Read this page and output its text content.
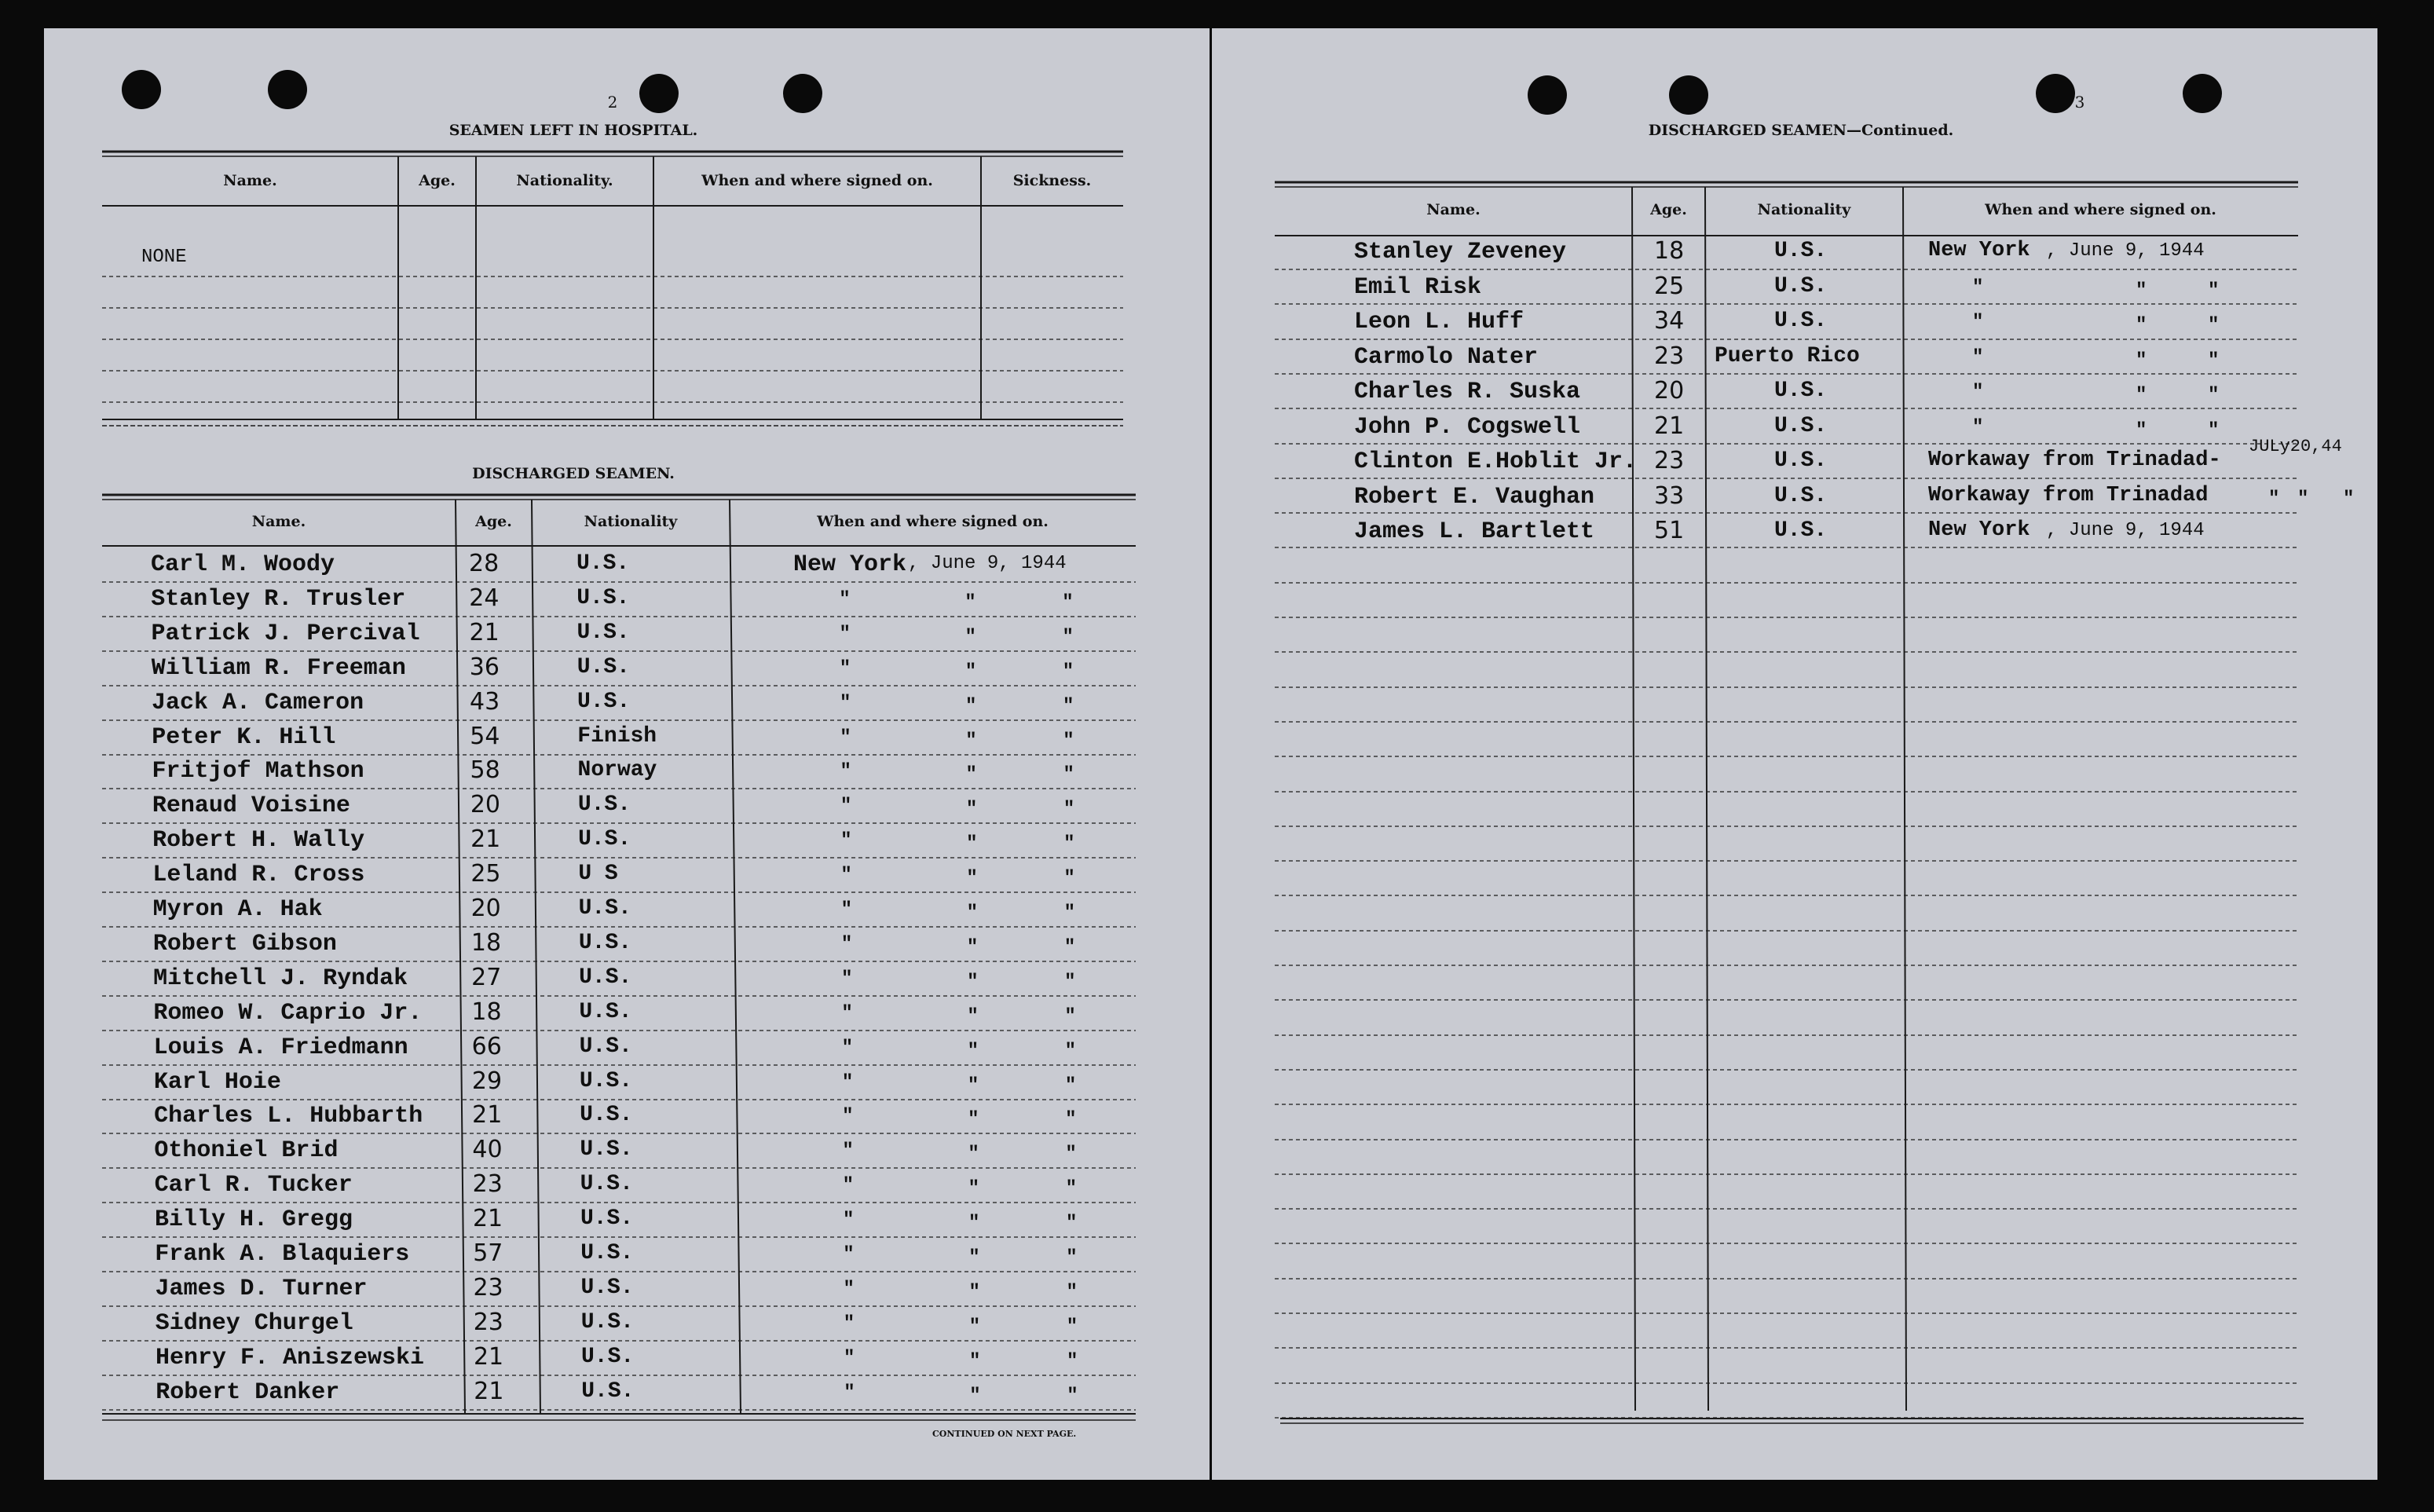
2
SEAMEN LEFT IN HOSPITAL.
Name.	Age.	Nationality.	When and where signed on.	Sickness.
NONE
DISCHARGED SEAMEN.
Name.	Age.	Nationality	When and where signed on.
Carl M. Woody	28	U.S.	New York , June 9, 1944
Stanley R. Trusler	24	U.S.	"	"	"
Patrick J. Percival 21	U.S.	"	"	"
William R. Freeman	36	U.S.	"	"	"
Jack A. Cameron	43	U.S.	"	"	"
Peter K. Hill	54	Finish	"	"	"
Fritjof Mathson	58	Norway	"	"	"
Renaud Voisine	20	U.S.	"	"	"
Robert H. Wally	21	U.S.	"	"	"
Leland R. Cross	25	U S	"	"	"
Myron A. Hak	20	U.S.	"	"	"
Robert Gibson	18	U.S.	"	"	"
Mitchell J. Ryndak	27	U.S.	"	"	"
Romeo W. Caprio Jr. 18	U.S.	"	"	"
Louis A. Friedmann	66	U.S.	"	"	"
Karl Hoie	29	U.S.	"	"	"
Charles L. Hubbarth 21	U.S.	"	"	"
Othoniel Brid	40	U.S.	"	"	"
Carl R. Tucker	23	U.S.	"	"	"
Billy H. Gregg	21	U.S.	"	"	"
Frank A. Blaquiers	57	U.S.	"	"	"
James D. Turner	23	U.S.	"	"	"
Sidney Churgel	23	U.S.	"	"	"
Henry F. Aniszewski 21	U.S.	"	"	"
Robert Danker	21	U.S.	"	"	"
CONTINUED ON NEXT PAGE.
3
DISCHARGED SEAMEN—Continued.
Name.	Age.	Nationality	When and where signed on.
Stanley Zeveney	18	U.S.	New York , June 9, 1944
Emil Risk	25	U.S.	"	"	"
Leon L. Huff	34	U.S.	"	"	"
Carmolo Nater	23 Puerto Rico	"	"	"
Charles R. Suska	20	U.S.	"	"	"
John P. Cogswell	21	U.S.	"	"	"
Clinton E.Hoblit Jr. 23	U.S.	Workaway from Trinadad-
Robert E. Vaughan	33	U.S.	Workaway from Trinadad	" " "
James L. Bartlett	51	U.S.	New York , June 9, 1944
JULy20,44
